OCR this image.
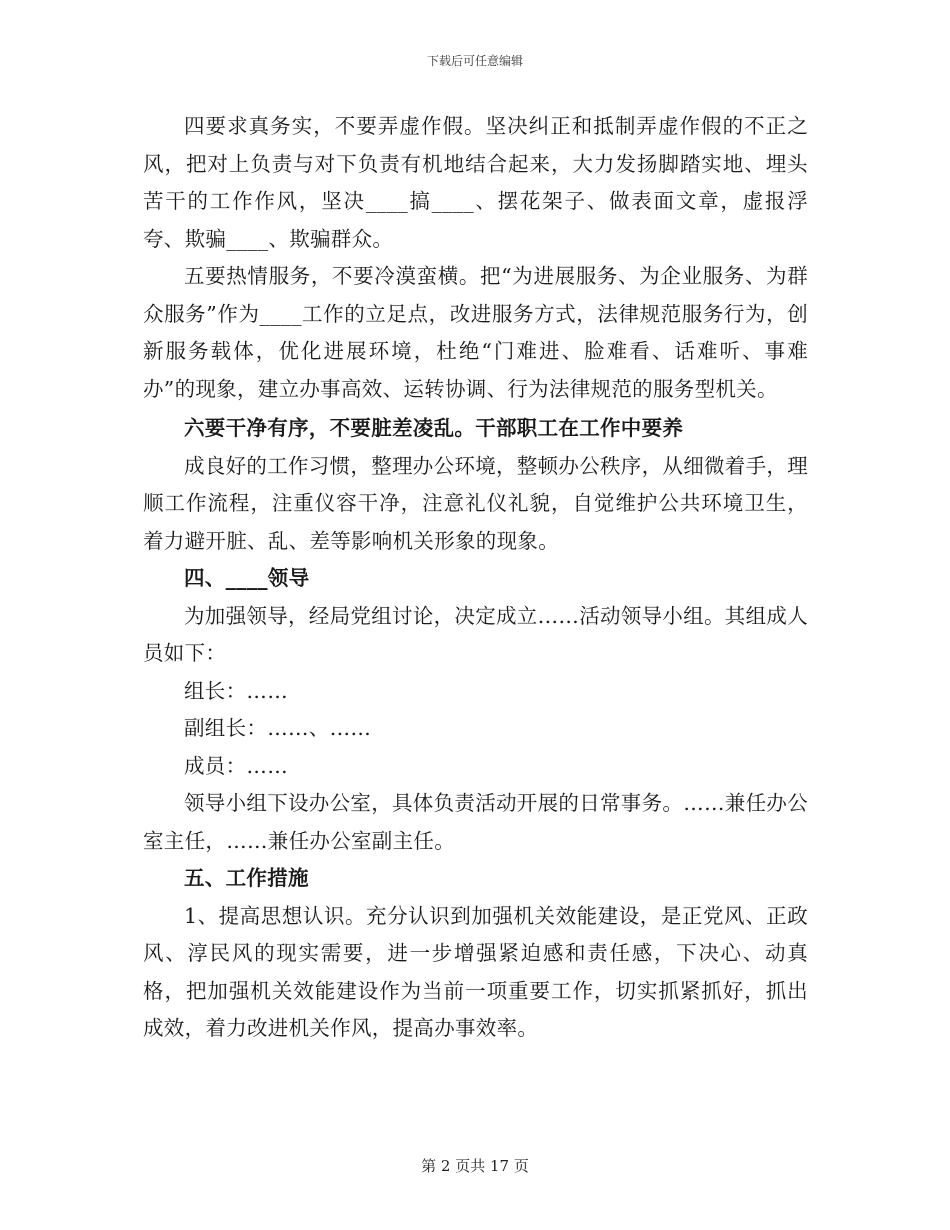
下载后可任意编辑

四要求真务实，不要弄虚作假。坚决纠正和抵制弄虚作假的不正之风，把对上负责与对下负责有机地结合起来，大力发扬脚踏实地、埋头苦干的工作作风，坚决____搞____、摆花架子、做表面文章，虚报浮夸、欺骗____、欺骗群众。

五要热情服务，不要冷漠蛮横。把“为进展服务、为企业服务、为群众服务”作为____工作的立足点，改进服务方式，法律规范服务行为，创新服务载体，优化进展环境，杜绝“门难进、脸难看、话难听、事难办”的现象，建立办事高效、运转协调、行为法律规范的服务型机关。

六要干净有序，不要脏差凌乱。干部职工在工作中要养

成良好的工作习惯，整理办公环境，整顿办公秩序，从细微着手，理顺工作流程，注重仪容干净，注意礼仪礼貌，自觉维护公共环境卫生，着力避开脏、乱、差等影响机关形象的现象。

四、____领导

为加强领导，经局党组讨论，决定成立……活动领导小组。其组成人员如下：

组长：……

副组长：……、……

成员：……

领导小组下设办公室，具体负责活动开展的日常事务。……兼任办公室主任，……兼任办公室副主任。

五、工作措施

1、提高思想认识。充分认识到加强机关效能建设，是正党风、正政风、淳民风的现实需要，进一步增强紧迫感和责任感，下决心、动真格，把加强机关效能建设作为当前一项重要工作，切实抓紧抓好，抓出成效，着力改进机关作风，提高办事效率。

第 2 页共 17 页
